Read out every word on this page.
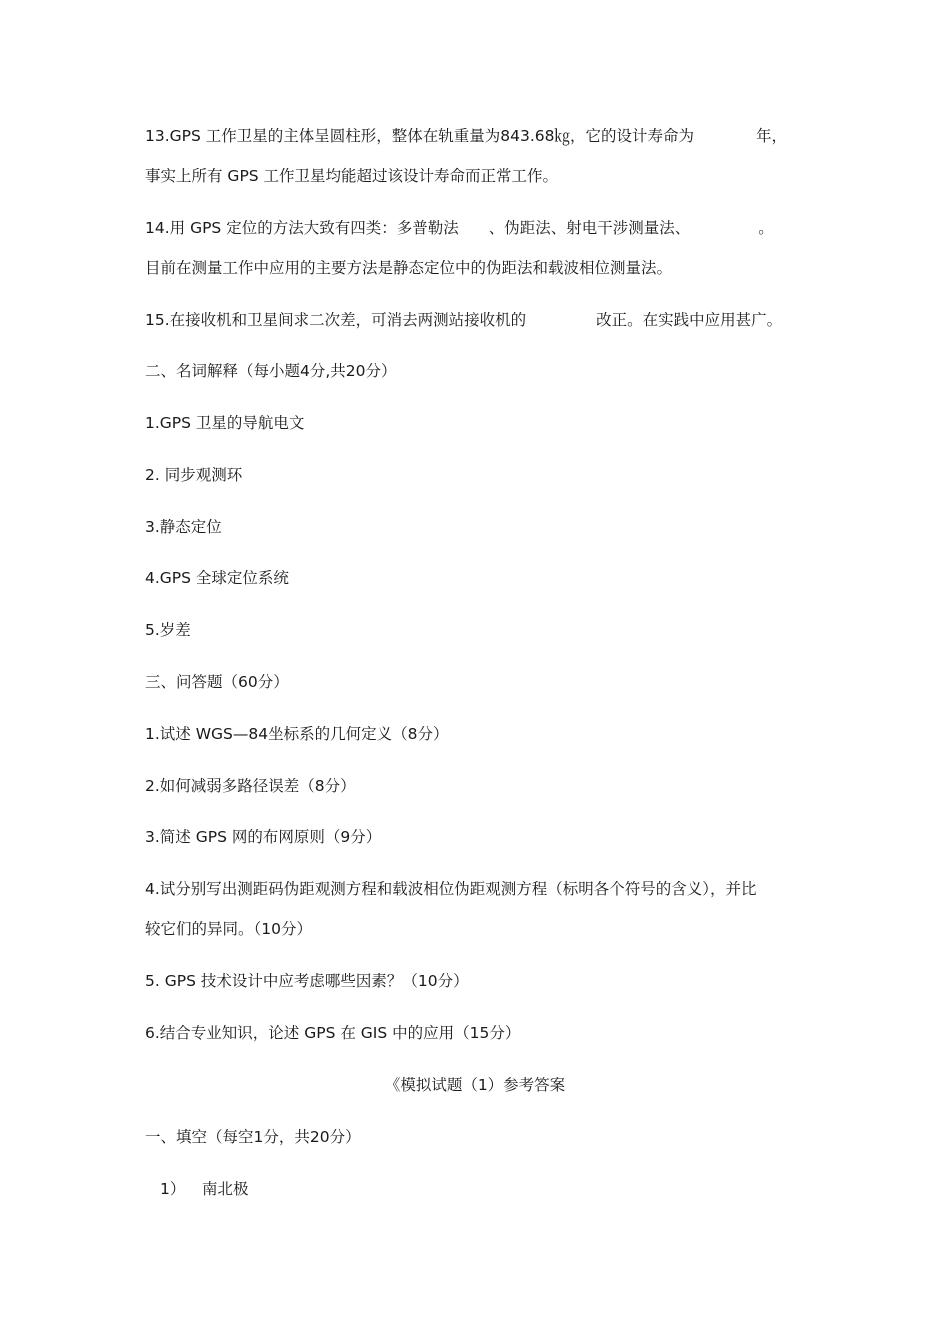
13.GPS 工作卫星的主体呈圆柱形，整体在轨重量为843.68㎏，它的设计寿命为	年，
事实上所有 GPS 工作卫星均能超过该设计寿命而正常工作。
14.用 GPS 定位的方法大致有四类：多普勒法 、伪距法、射电干涉测量法、	。
目前在测量工作中应用的主要方法是静态定位中的伪距法和载波相位测量法。
15.在接收机和卫星间求二次差，可消去两测站接收机的	改正。在实践中应用甚广。
二、名词解释（每小题4分,共20分）
1.GPS 卫星的导航电文
2. 同步观测环
3.静态定位
4.GPS 全球定位系统
5.岁差
三、问答题（60分）
1.试述 WGS—84坐标系的几何定义（8分）
2.如何减弱多路径误差（8分）
3.简述 GPS 网的布网原则（9分）
4.试分别写出测距码伪距观测方程和载波相位伪距观测方程（标明各个符号的含义），并比
较它们的异同。（10分）
5. GPS 技术设计中应考虑哪些因素？（10分）
6.结合专业知识，论述 GPS 在 GIS 中的应用（15分）
《模拟试题（1）参考答案
一、填空（每空1分，共20分）
1） 南北极
